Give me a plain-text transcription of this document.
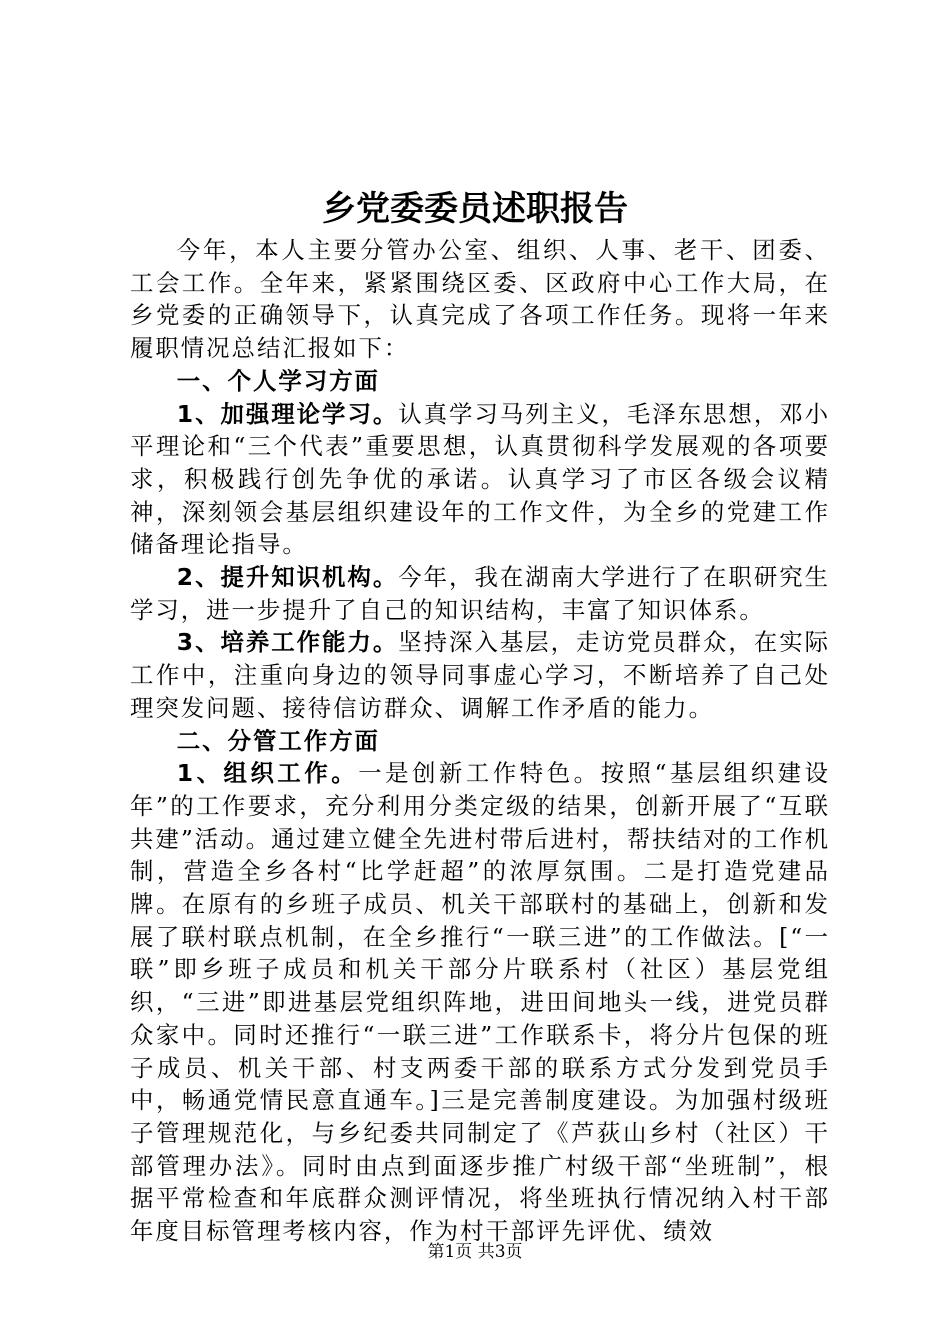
乡党委委员述职报告

今年，本人主要分管办公室、组织、人事、老干、团委、工会工作。全年来，紧紧围绕区委、区政府中心工作大局，在乡党委的正确领导下，认真完成了各项工作任务。现将一年来履职情况总结汇报如下：

一、个人学习方面

1、加强理论学习。认真学习马列主义，毛泽东思想，邓小平理论和“三个代表”重要思想，认真贯彻科学发展观的各项要求，积极践行创先争优的承诺。认真学习了市区各级会议精神，深刻领会基层组织建设年的工作文件，为全乡的党建工作储备理论指导。

2、提升知识机构。今年，我在湖南大学进行了在职研究生学习，进一步提升了自己的知识结构，丰富了知识体系。

3、培养工作能力。坚持深入基层，走访党员群众，在实际工作中，注重向身边的领导同事虚心学习，不断培养了自己处理突发问题、接待信访群众、调解工作矛盾的能力。

二、分管工作方面

1、组织工作。一是创新工作特色。按照“基层组织建设年”的工作要求，充分利用分类定级的结果，创新开展了“互联共建”活动。通过建立健全先进村带后进村，帮扶结对的工作机制，营造全乡各村“比学赶超”的浓厚氛围。二是打造党建品牌。在原有的乡班子成员、机关干部联村的基础上，创新和发展了联村联点机制，在全乡推行“一联三进”的工作做法。[“一联”即乡班子成员和机关干部分片联系村（社区）基层党组织，“三进”即进基层党组织阵地，进田间地头一线，进党员群众家中。同时还推行“一联三进”工作联系卡，将分片包保的班子成员、机关干部、村支两委干部的联系方式分发到党员手中，畅通党情民意直通车。]三是完善制度建设。为加强村级班子管理规范化，与乡纪委共同制定了《芦荻山乡村（社区）干部管理办法》。同时由点到面逐步推广村级干部“坐班制”，根据平常检查和年底群众测评情况，将坐班执行情况纳入村干部年度目标管理考核内容，作为村干部评先评优、绩效

第1页 共3页
